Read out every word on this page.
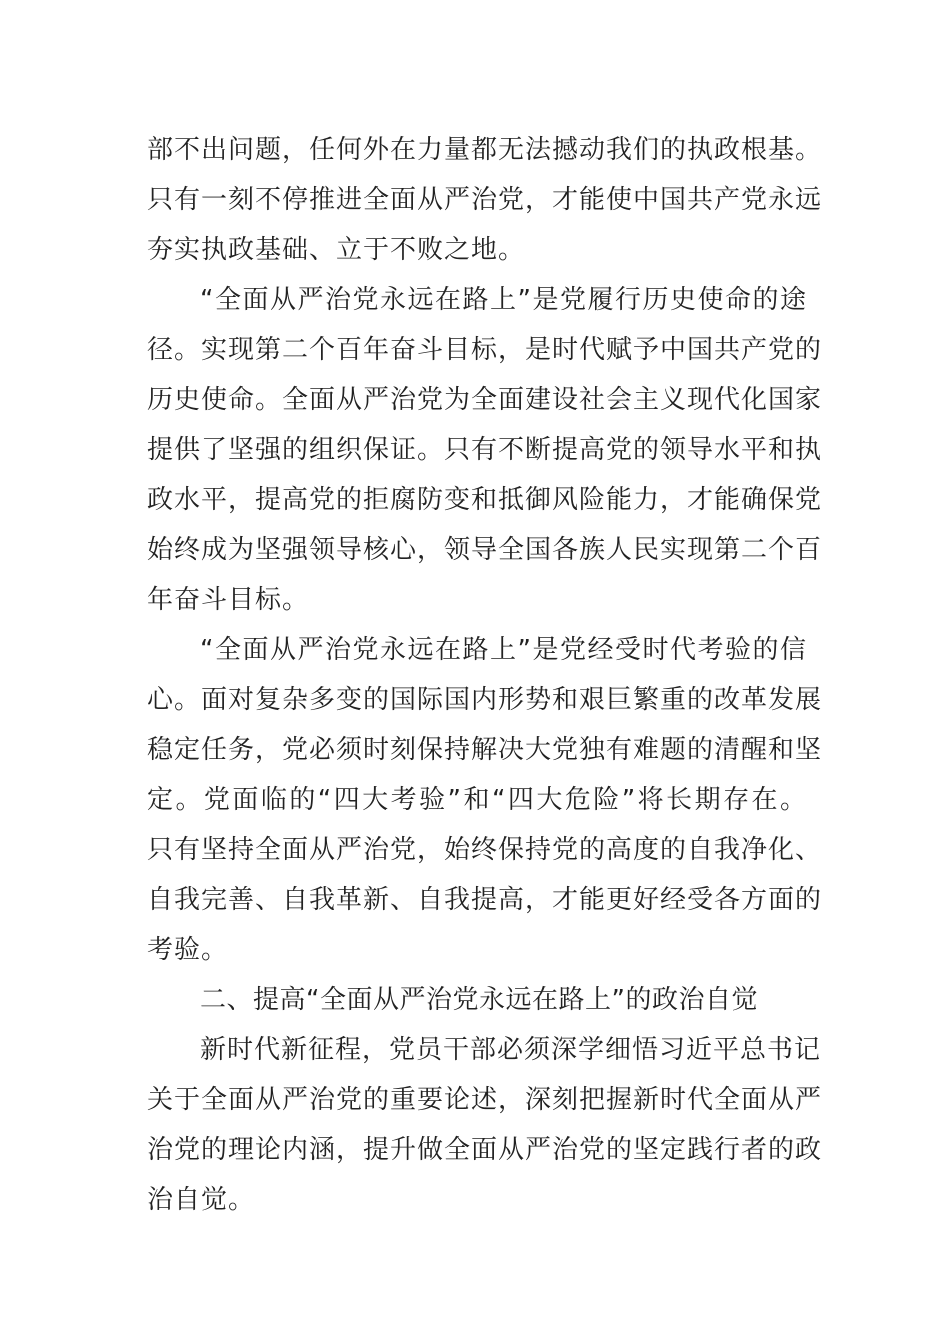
部不出问题，任何外在力量都无法撼动我们的执政根基。
只有一刻不停推进全面从严治党，才能使中国共产党永远
夯实执政基础、立于不败之地。
“全面从严治党永远在路上”是党履行历史使命的途
径。实现第二个百年奋斗目标，是时代赋予中国共产党的
历史使命。全面从严治党为全面建设社会主义现代化国家
提供了坚强的组织保证。只有不断提高党的领导水平和执
政水平，提高党的拒腐防变和抵御风险能力，才能确保党
始终成为坚强领导核心，领导全国各族人民实现第二个百
年奋斗目标。
“全面从严治党永远在路上”是党经受时代考验的信
心。面对复杂多变的国际国内形势和艰巨繁重的改革发展
稳定任务，党必须时刻保持解决大党独有难题的清醒和坚
定。党面临的“四大考验”和“四大危险”将长期存在。
只有坚持全面从严治党，始终保持党的高度的自我净化、
自我完善、自我革新、自我提高，才能更好经受各方面的
考验。
二、提高“全面从严治党永远在路上”的政治自觉
新时代新征程，党员干部必须深学细悟习近平总书记
关于全面从严治党的重要论述，深刻把握新时代全面从严
治党的理论内涵，提升做全面从严治党的坚定践行者的政
治自觉。
